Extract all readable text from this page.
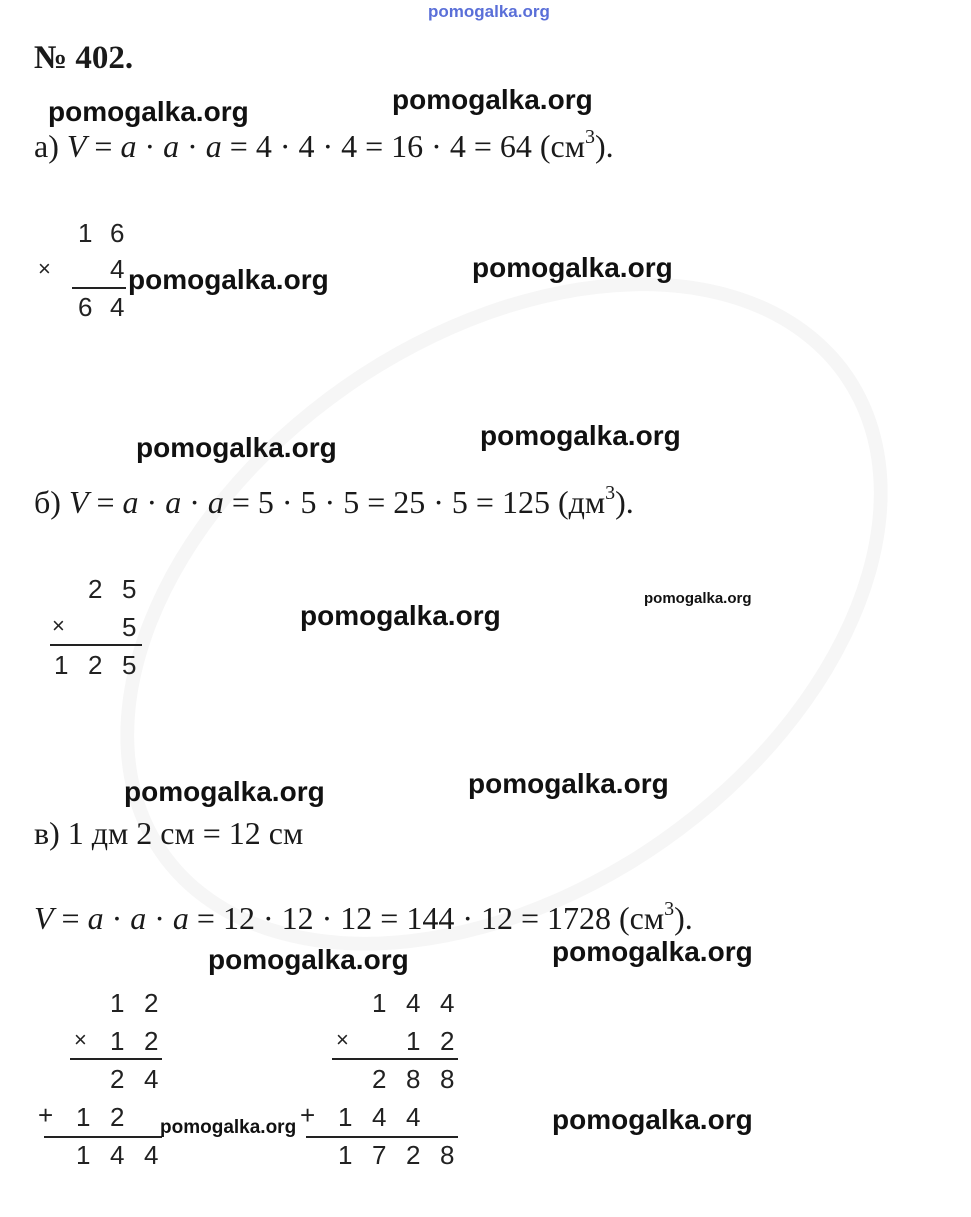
pomogalka.org
№ 402.
pomogalka.org	pomogalka.org
а) V = a · a · a = 4 · 4 · 4 = 16 · 4 = 64 $(см^3)$.
1 6
× 4
6 4
pomogalka.org	pomogalka.org
pomogalka.org	pomogalka.org
б) V = a · a · a = 5 · 5 · 5 = 25 · 5 = 125 $(дм^3)$.
2 5
× 5
1 2 5
pomogalka.org
pomogalka.org
pomogalka.org	pomogalka.org
в) 1 дм 2 см = 12 см
V = a · a · a = 12 · 12 · 12 = 144 · 12 = 1728 $(см^3)$.
pomogalka.org	pomogalka.org
1 2
× 1 2
2 4
+ 1 2
1 4 4
pomogalka.org
1 4 4
× 1 2
2 8 8
+ 1 4 4
1 7 2 8
pomogalka.org
